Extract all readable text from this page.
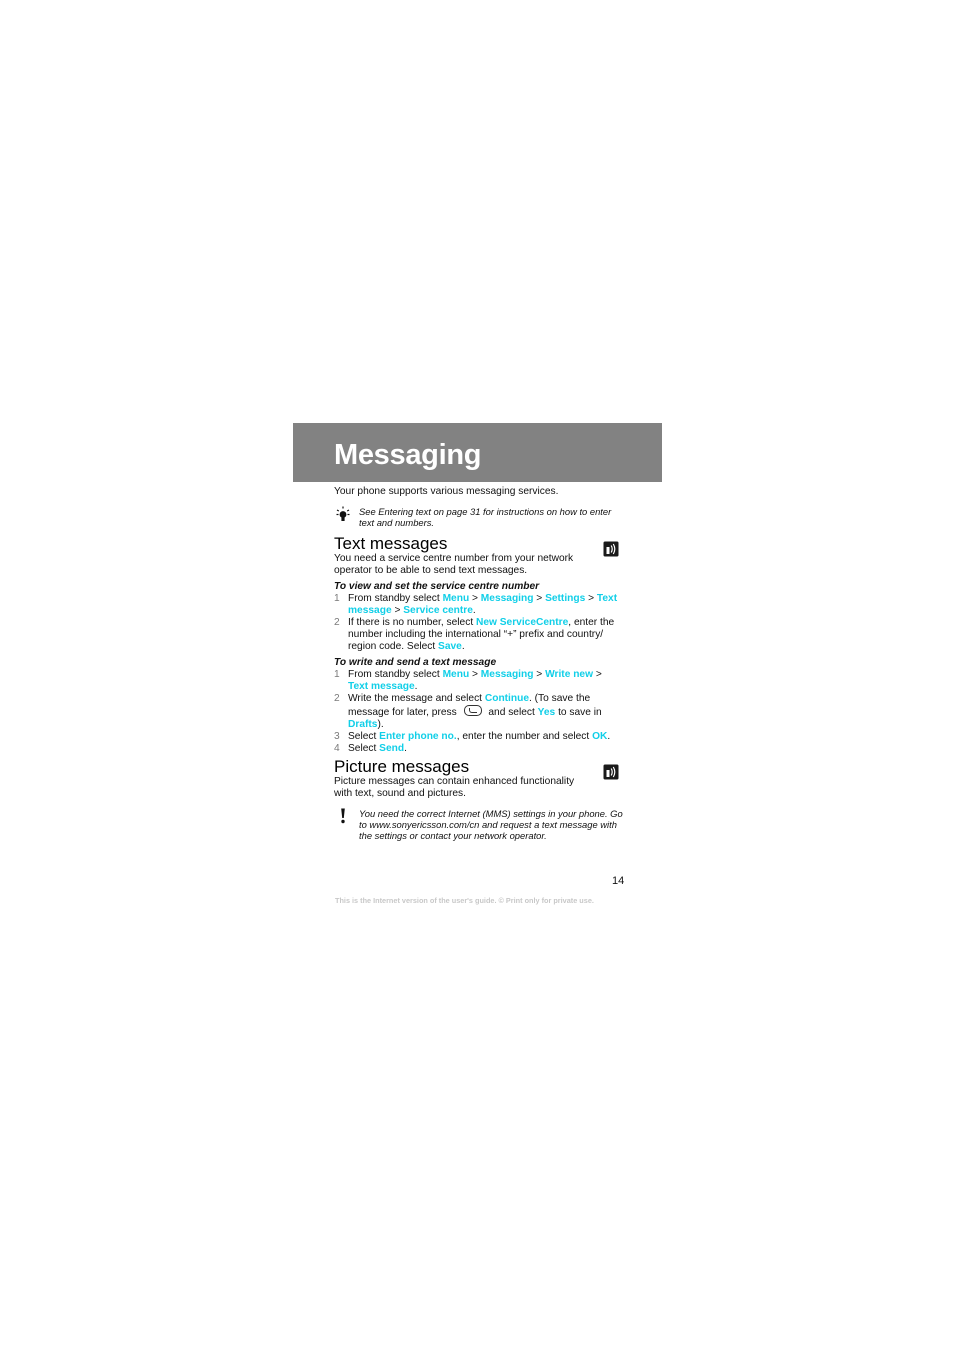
Messaging

Your phone supports various messaging services.

See Entering text on page 31 for instructions on how to enter text and numbers.

Text messages

You need a service centre number from your network operator to be able to send text messages.

To view and set the service centre number

1 From standby select Menu > Messaging > Settings > Text message > Service centre.
2 If there is no number, select New ServiceCentre, enter the number including the international “+” prefix and country/ region code. Select Save.

To write and send a text message

1 From standby select Menu > Messaging > Write new > Text message.
2 Write the message and select Continue. (To save the message for later, press	and select Yes to save in Drafts).
3 Select Enter phone no., enter the number and select OK.
4 Select Send.
Picture messages

Picture messages can contain enhanced functionality with text, sound and pictures.

You need the correct Internet (MMS) settings in your phone. Go to www.sonyericsson.com/cn and request a text message with the settings or contact your network operator.

14
This is the Internet version of the user's guide. © Print only for private use.
